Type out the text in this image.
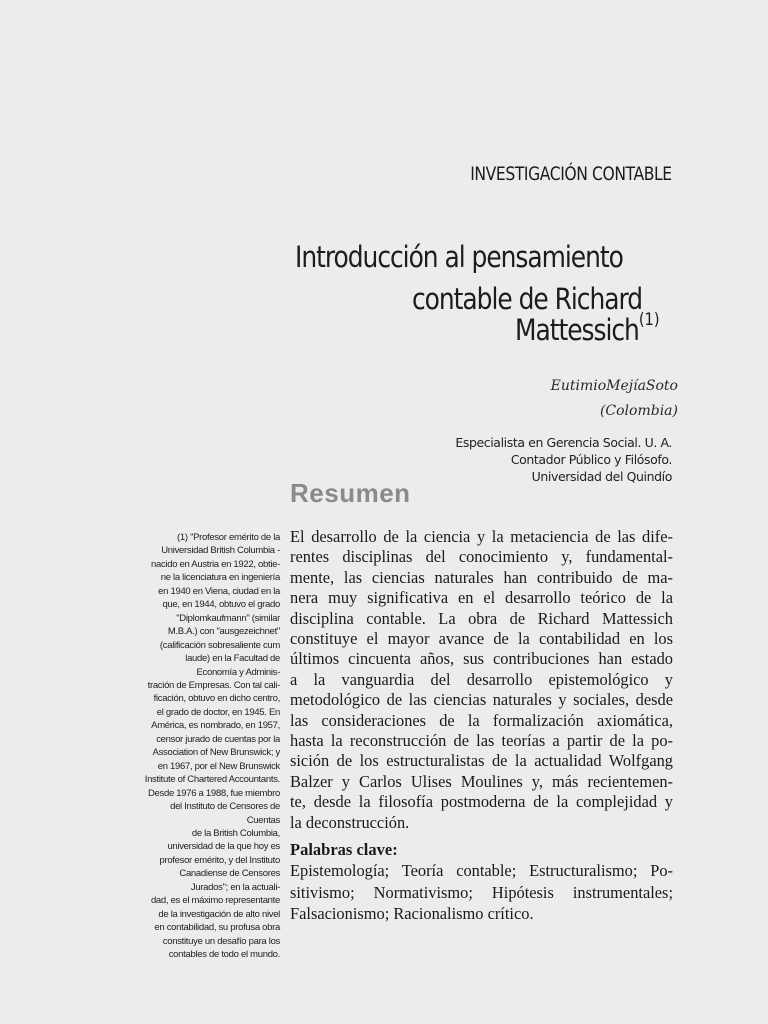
INVESTIGACIÓN CONTABLE
Introducción al pensamiento
contable de Richard
Mattessich$^{(1)}$
EutimioMejíaSoto
(Colombia)
Especialista en Gerencia Social. U. A.
Contador Público y Filósofo.
Universidad del Quindío
Resumen
(1) "Profesor emérito de la
Universidad British Columbia -
nacido en Austria en 1922, obtie-
ne la licenciatura en ingeniería
en 1940 en Viena, ciudad en la
que, en 1944, obtuvo el grado
"Diplomkaufmann" (similar
M.B.A.) con "ausgezeichnet"
(calificación sobresaliente cum
laude) en la Facultad de
Economía y Adminis-
tración de Empresas. Con tal cali-
ficación, obtuvo en dicho centro,
el grado de doctor, en 1945. En
América, es nombrado, en 1957,
censor jurado de cuentas por la
Association of New Brunswick; y
en 1967, por el New Brunswick
Institute of Chartered Accountants.
Desde 1976 a 1988, fue miembro
del Instituto de Censores de
Cuentas
de la British Columbia,
universidad de la que hoy es
profesor emérito, y del Instituto
Canadiense de Censores
Jurados"; en la actuali-
dad, es el máximo representante
de la investigación de alto nivel
en contabilidad, su profusa obra
constituye un desafío para los
contables de todo el mundo.
El desarrollo de la ciencia y la metaciencia de las dife-
rentes disciplinas del conocimiento y, fundamental-
mente, las ciencias naturales han contribuido de ma-
nera muy significativa en el desarrollo teórico de la
disciplina contable. La obra de Richard Mattessich
constituye el mayor avance de la contabilidad en los
últimos cincuenta años, sus contribuciones han estado
a la vanguardia del desarrollo epistemológico y
metodológico de las ciencias naturales y sociales, desde
las consideraciones de la formalización axiomática,
hasta la reconstrucción de las teorías a partir de la po-
sición de los estructuralistas de la actualidad Wolfgang
Balzer y Carlos Ulises Moulines y, más recientemen-
te, desde la filosofía postmoderna de la complejidad y
la deconstrucción.
Palabras clave:
Epistemología; Teoría contable; Estructuralismo; Po-
sitivismo; Normativismo; Hipótesis instrumentales;
Falsacionismo; Racionalismo crítico.
